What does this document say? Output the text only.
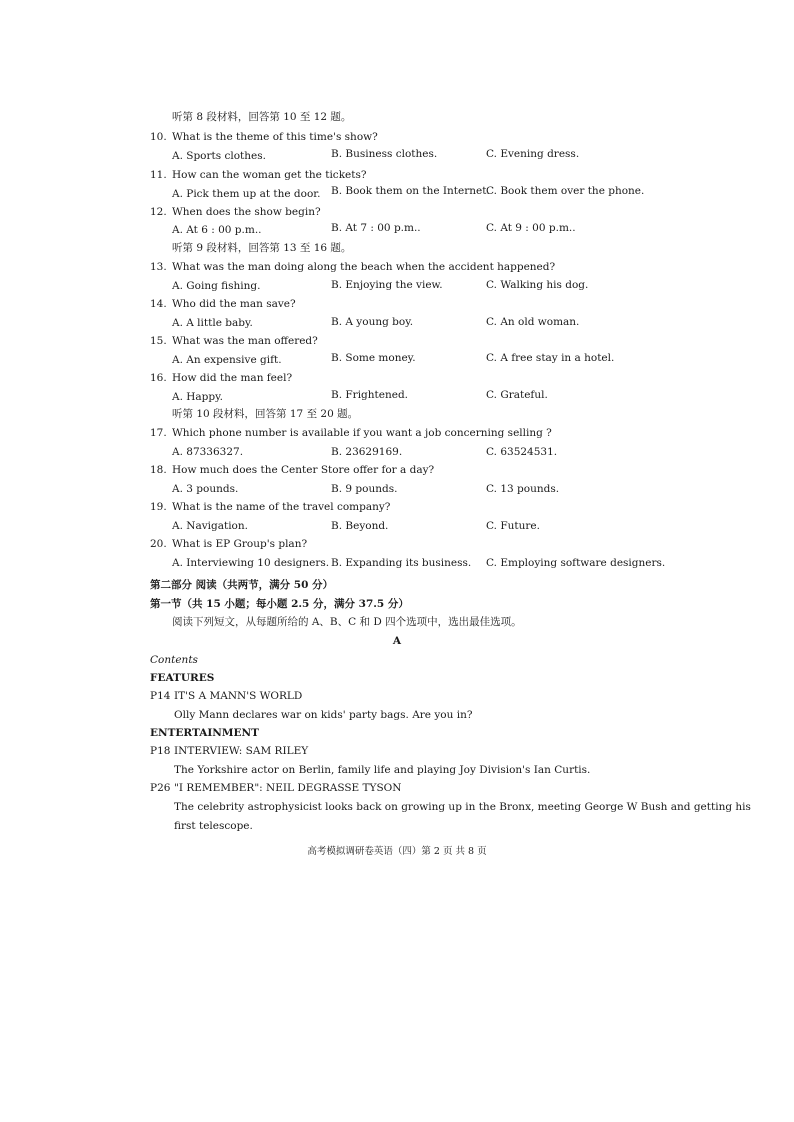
听第 8 段材料，回答第 10 至 12 题。
10. What is the theme of this time's show?
A. Sports clothes.	B. Business clothes.	C. Evening dress.
11. How can the woman get the tickets?
A. Pick them up at the door. B. Book them on the Internet.
C. Book them over the phone.
12. When does the show begin?
A. At 6 : 00 p.m..	B. At 7 : 00 p.m..	C. At 9 : 00 p.m..
听第 9 段材料，回答第 13 至 16 题。
13. What was the man doing along the beach when the accident happened?
A. Going fishing.	B. Enjoying the view.	C. Walking his dog.
14. Who did the man save?
A. A little baby.	B. A young boy.	C. An old woman.
15. What was the man offered?
A. An expensive gift.	B. Some money.	C. A free stay in a hotel.
16. How did the man feel?
A. Happy.	B. Frightened.	C. Grateful.
听第 10 段材料，回答第 17 至 20 题。
17. Which phone number is available if you want a job concerning selling ?
A. 87336327.	B. 23629169.	C. 63524531.
18. How much does the Center Store offer for a day?
A. 3 pounds.	B. 9 pounds.	C. 13 pounds.
19. What is the name of the travel company?
A. Navigation.	B. Beyond.	C. Future.
20. What is EP Group's plan?
A. Interviewing 10 designers. B. Expanding its business. C. Employing software designers.
第二部分 阅读（共两节，满分 50 分）
第一节（共 15 小题；每小题 2.5 分，满分 37.5 分）
阅读下列短文，从每题所给的 A、B、C 和 D 四个选项中，选出最佳选项。
A
Contents
FEATURES
P14 IT'S A MANN'S WORLD
Olly Mann declares war on kids' party bags. Are you in?
ENTERTAINMENT
P18 INTERVIEW: SAM RILEY
The Yorkshire actor on Berlin, family life and playing Joy Division's Ian Curtis.
P26 "I REMEMBER": NEIL DEGRASSE TYSON
The celebrity astrophysicist looks back on growing up in the Bronx, meeting George W Bush and getting his
first telescope.
高考模拟调研卷英语（四）第 2 页 共 8 页
